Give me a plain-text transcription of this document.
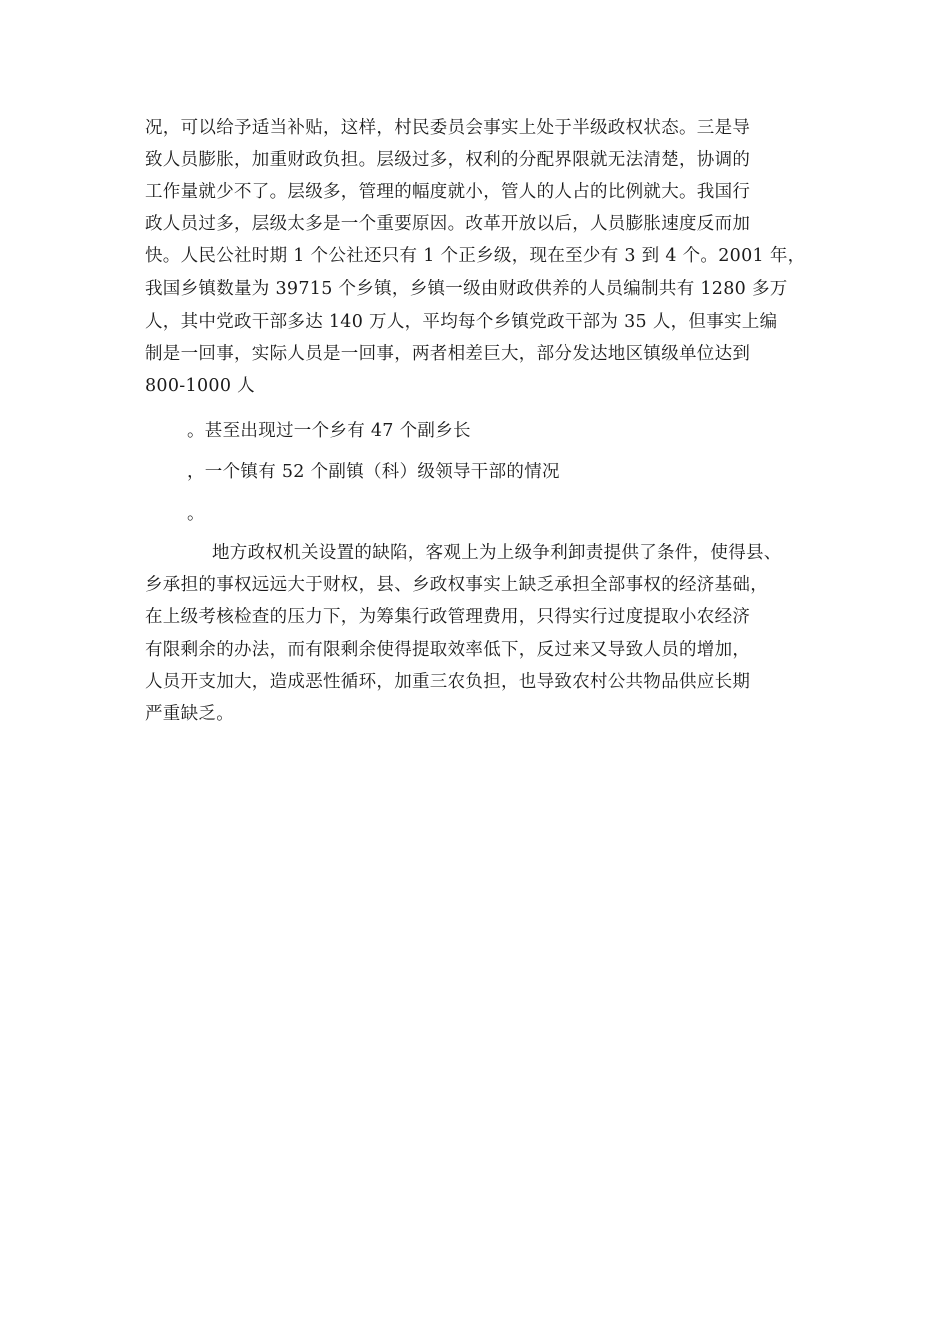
况，可以给予适当补贴，这样，村民委员会事实上处于半级政权状态。三是导
致人员膨胀，加重财政负担。层级过多，权利的分配界限就无法清楚，协调的
工作量就少不了。层级多，管理的幅度就小，管人的人占的比例就大。我国行
政人员过多，层级太多是一个重要原因。改革开放以后，人员膨胀速度反而加
快。人民公社时期 1 个公社还只有 1 个正乡级，现在至少有 3 到 4 个。2001 年，
我国乡镇数量为 39715 个乡镇，乡镇一级由财政供养的人员编制共有 1280 多万
人，其中党政干部多达 140 万人，平均每个乡镇党政干部为 35 人，但事实上编
制是一回事，实际人员是一回事，两者相差巨大，部分发达地区镇级单位达到
800-1000 人
。甚至出现过一个乡有 47 个副乡长
，一个镇有 52 个副镇（科）级领导干部的情况
。
地方政权机关设置的缺陷，客观上为上级争利卸责提供了条件，使得县、
乡承担的事权远远大于财权，县、乡政权事实上缺乏承担全部事权的经济基础，
在上级考核检查的压力下，为筹集行政管理费用，只得实行过度提取小农经济
有限剩余的办法，而有限剩余使得提取效率低下，反过来又导致人员的增加，
人员开支加大，造成恶性循环，加重三农负担，也导致农村公共物品供应长期
严重缺乏。
